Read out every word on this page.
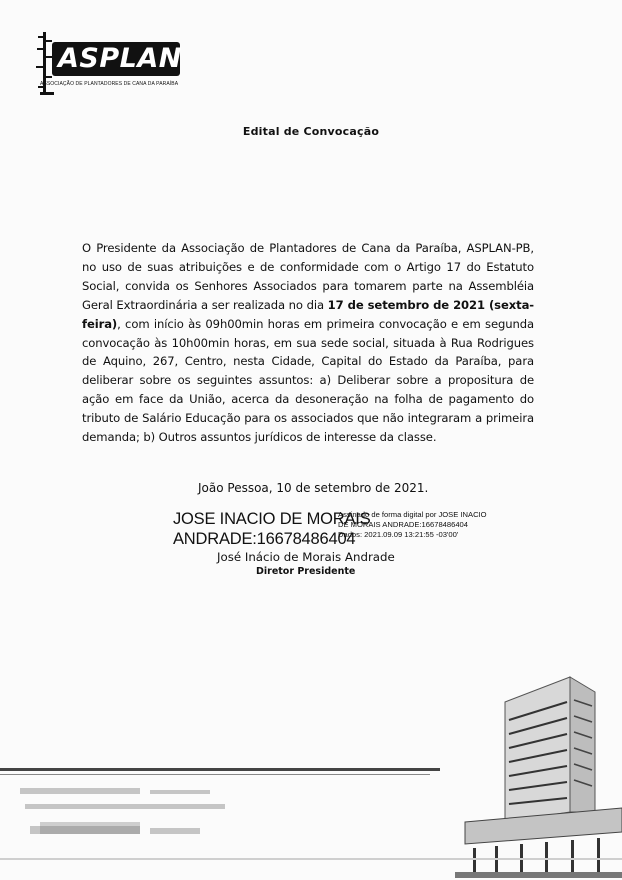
ASPLAN
ASSOCIAÇÃO DE PLANTADORES DE CANA DA PARAÍBA
Edital de Convocação
O Presidente da Associação de Plantadores de Cana da Paraíba, ASPLAN-PB, no uso de suas atribuições e de conformidade com o Artigo 17 do Estatuto Social, convida os Senhores Associados para tomarem parte na Assembléia Geral Extraordinária a ser realizada no dia 17 de setembro de 2021 (sexta-feira), com início às 09h00min horas em primeira convocação e em segunda convocação às 10h00min horas, em sua sede social, situada à Rua Rodrigues de Aquino, 267, Centro, nesta Cidade, Capital do Estado da Paraíba, para deliberar sobre os seguintes assuntos: a) Deliberar sobre a propositura de ação em face da União, acerca da desoneração na folha de pagamento do tributo de Salário Educação para os associados que não integraram a primeira demanda; b) Outros assuntos jurídicos de interesse da classe.
João Pessoa, 10 de setembro de 2021.
JOSE INACIO DE MORAIS
ANDRADE:16678486404
Assinado de forma digital por JOSE INACIO
DE MORAIS ANDRADE:16678486404
Dados: 2021.09.09 13:21:55 -03'00'
José Inácio de Morais Andrade
Diretor Presidente
